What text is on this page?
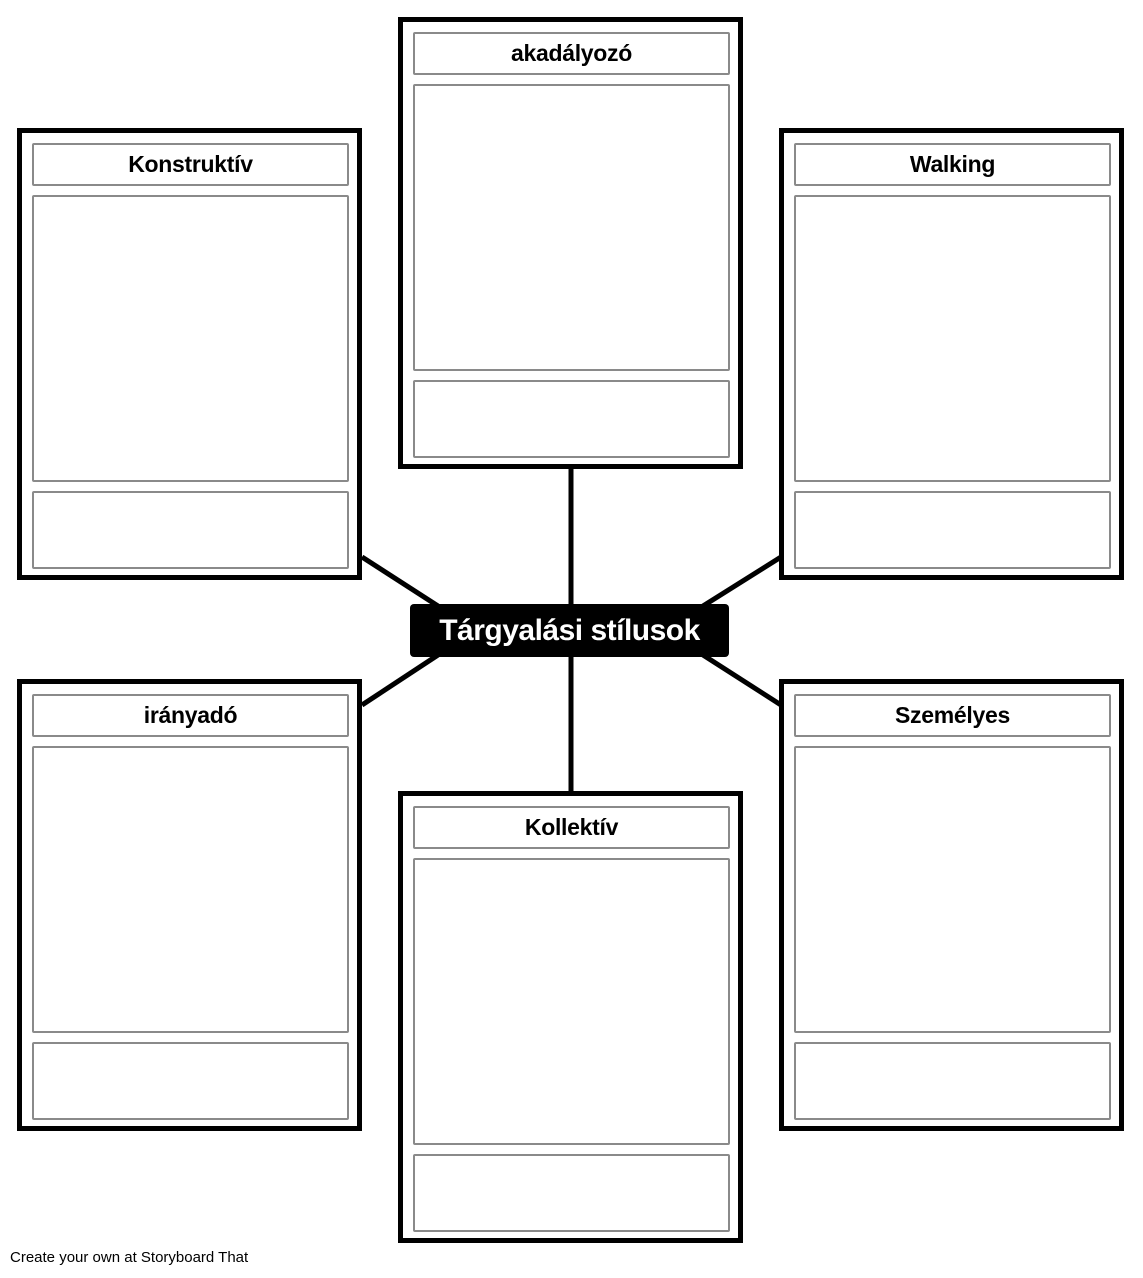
akadályozó
Konstruktív	Walking
irányadó	Személyes
Kollektív
Tárgyalási stílusok
Create your own at Storyboard That
